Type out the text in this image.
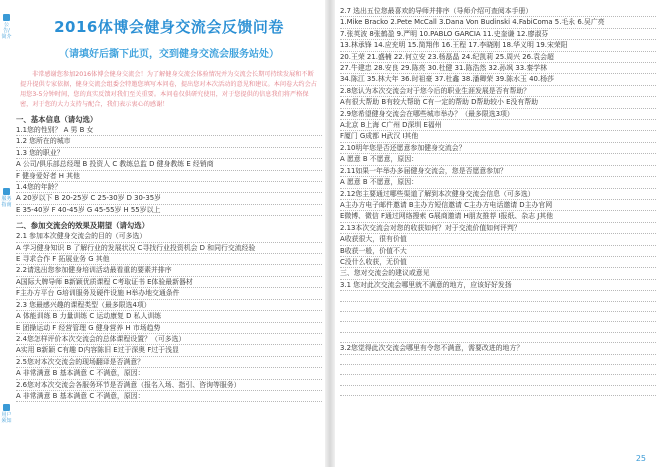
公告/简介
服务指南
用户须知
2016体博会健身交流会反馈问卷
（请填好后撕下此页，交到健身交流会服务站处）
非常感谢您参加2016体博会健身交流会！为了解健身交流会体验情况并为交流会长期可持续发展和不断提升提供专家依据，健身交流会组委会特邀您填写本问卷，提出您对本次活动的意见和建议。本问卷大约会占用您3-5分钟时间，您的真实反馈对我们至关重要。本问卷仅供研究使用，对于您提供的信息我们将严格保密，对于您的大力支持与配合，我们表示衷心的感谢！
一、基本信息（请勾选）
1.1您的性别？ A 男 B 女
1.2 您所在的城市
1.3 您的职业？
A 公司/俱乐部总经理 B 投资人 C 教练总监 D 健身教练 E 经销商
F 健身爱好者 H 其他
1.4您的年龄？
A 20岁以下 B 20-25岁 C 25-30岁 D 30-35岁
E 35-40岁 F 40-45岁 G 45-55岁 H 55岁以上
二、参加交流会的效果及期望（请勾选）
2.1 参加本次健身交流会的目的（可多选）
A 学习健身知识 B 了解行业的发展状况 C寻找行业投资机会 D 和同行交流经验
E 寻求合作 F 拓展业务 G 其他
2.2请选出您参加健身培训活动最看重的要素并排序
A国际大牌导师 B新颖优质课程 C考取证书 E体验最新器材
F主办方平台 G培训服务及硬件设施 H举办地交通条件
2.3 您最感兴趣的课程类型（最多限选4项）
A 体能训练 B 力量训练 C 运动康复 D 私人训练
E 团操运动 F 经营管理 G 健身营养 H 市场趋势
2.4您怎样评价本次交流会的总体课程设置？（可多选）
A实用 B新颖 C有趣 D内容陈旧 E过于深奥 F过于浅显
2.5您对本次交流会的现场翻译是否满意？
A 非常满意 B 基本满意 C 不满意，原因：
2.6您对本次交流会各服务环节是否满意（报名入场、指引、咨询等服务）
A 非常满意 B 基本满意 C 不满意，原因：
2.7 选出五位您最喜欢的导师并排序（导师介绍可查阅本手册）
1.Mike Bracko 2.Pete McCall 3.Dana Von Budinski 4.FabiComa 5.毛永 6.吴广亮
7.张英波 8张鹤盈 9.严明 10.PABLO GARCIA 11.史奎谦 12.廖淑芬
13.林承锋 14.应充明 15.简翔伟 16.王程 17.李晓刚 18.华义明 19.宋荣阳
20.王荣 21.盛楠 22.何立安 23.杨磊晶 24.纪凯莉 25.周兴 26.袁会超
27.牛建忠 28.安良 29.陈亮 30.杜健 31.陈浩然 32.孙飒 33.秦学林
34.陈江 35.林大年 36.时祖豪 37.杜鑫 38.潘卿荣 39.陈水玉 40.杨莎
2.8您认为本次交流会对于您今后的职业生涯发展是否有帮助？
A有很大帮助 B有较大帮助 C有一定的帮助 D帮助较小 E没有帮助
2.9您希望健身交流会在哪些城市举办？（最多限选3项）
A北京 B上海 C广州 D深圳 E福州
F厦门 G成都 H武汉 I其他
2.10明年您是否还愿意参加健身交流会？
A 愿意 B 不愿意，原因：
2.11如果一年举办多届健身交流会，您是否愿意参加？
A 愿意 B 不愿意，原因：
2.12您主要通过哪些渠道了解到本次健身交流会信息（可多选）
A主办方电子邮件邀请 B主办方短信邀请 C主办方电话邀请 D主办官网
E微博、微信 F通过网络搜索 G展商邀请 H朋友推荐 I报纸、杂志 J其他
2.13本次交流会对您的收获如何？对于交流价值如何评判？
A收获很大，很有价值
B收获一般，价值不大
C没什么收获，无价值
三、您对交流会的建议或意见
3.1 您对此次交流会哪里就不满意的地方，应该好好发扬
3.2您觉得此次交流会哪里有令您不满意，需要改进的地方？
25
